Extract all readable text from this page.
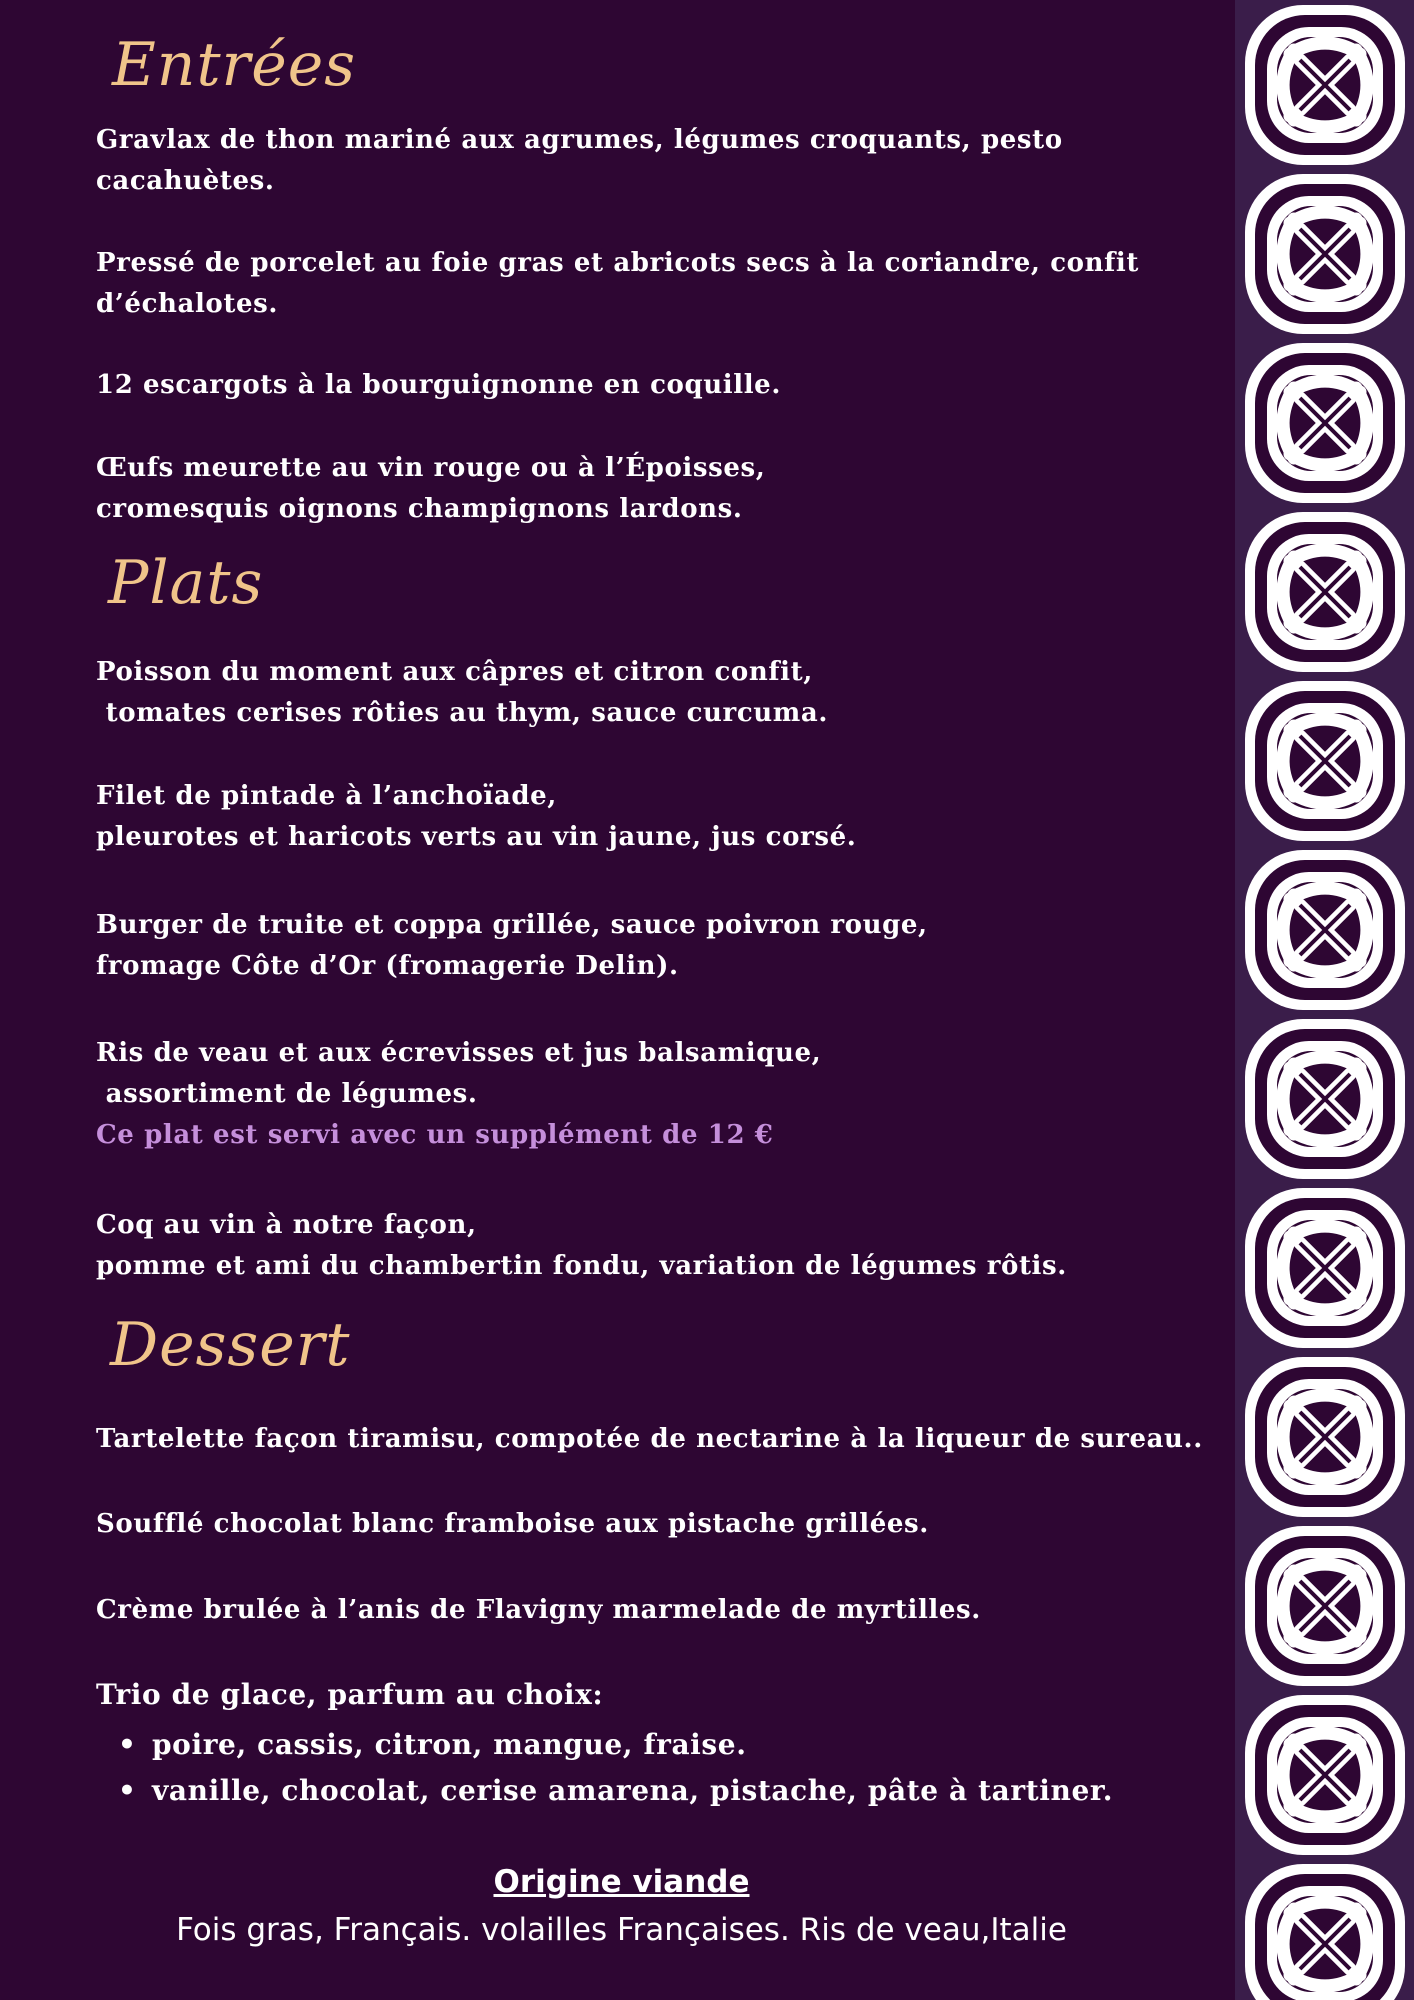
Entrées
Gravlax de thon mariné aux agrumes, légumes croquants, pesto
cacahuètes.
Pressé de porcelet au foie gras et abricots secs à la coriandre, confit
d’échalotes.
12 escargots à la bourguignonne en coquille.
Œufs meurette au vin rouge ou à l’Époisses,
cromesquis oignons champignons lardons.
Plats
Poisson du moment aux câpres et citron confit,
tomates cerises rôties au thym, sauce curcuma.
Filet de pintade à l’anchoïade,
pleurotes et haricots verts au vin jaune, jus corsé.
Burger de truite et coppa grillée, sauce poivron rouge,
fromage Côte d’Or (fromagerie Delin).
Ris de veau et aux écrevisses et jus balsamique,
assortiment de légumes.
Ce plat est servi avec un supplément de 12 €
Coq au vin à notre façon,
pomme et ami du chambertin fondu, variation de légumes rôtis.
Dessert
Tartelette façon tiramisu, compotée de nectarine à la liqueur de sureau..
Soufflé chocolat blanc framboise aux pistache grillées.
Crème brulée à l’anis de Flavigny marmelade de myrtilles.
Trio de glace, parfum au choix:
• poire, cassis, citron, mangue, fraise.
• vanille, chocolat, cerise amarena, pistache, pâte à tartiner.
Origine viande
Fois gras, Français. volailles Françaises. Ris de veau,Italie
